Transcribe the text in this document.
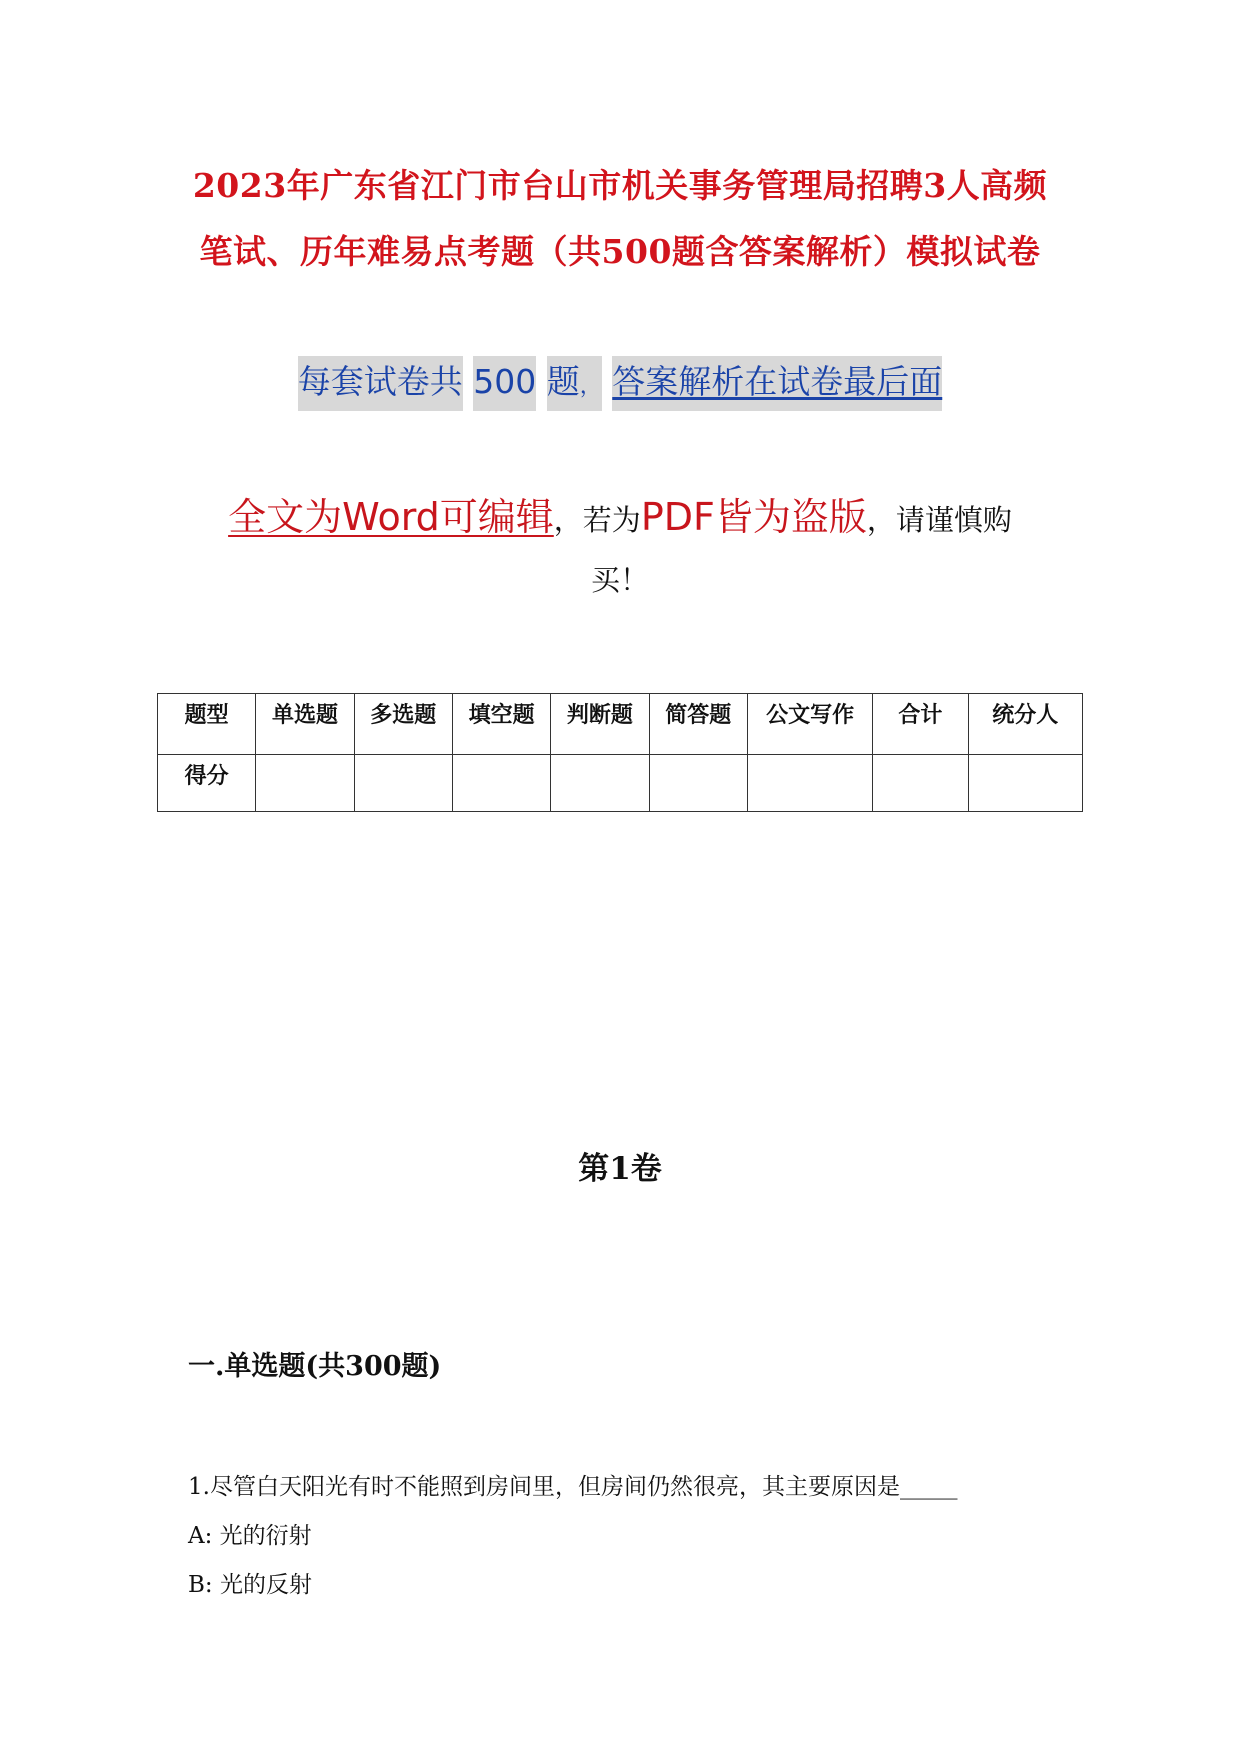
2023年广东省江门市台山市机关事务管理局招聘3人高频
笔试、历年难易点考题（共500题含答案解析）模拟试卷
每套试卷共 500 题， 答案解析在试卷最后面
全文为Word可编辑，若为PDF皆为盗版，请谨慎购
买！
题型	单选题	多选题	填空题	判断题	简答题	公文写作	合计	统分人
得分								
第1卷
一.单选题(共300题)
1.尽管白天阳光有时不能照到房间里，但房间仍然很亮，其主要原因是_____
A: 光的衍射
B: 光的反射
